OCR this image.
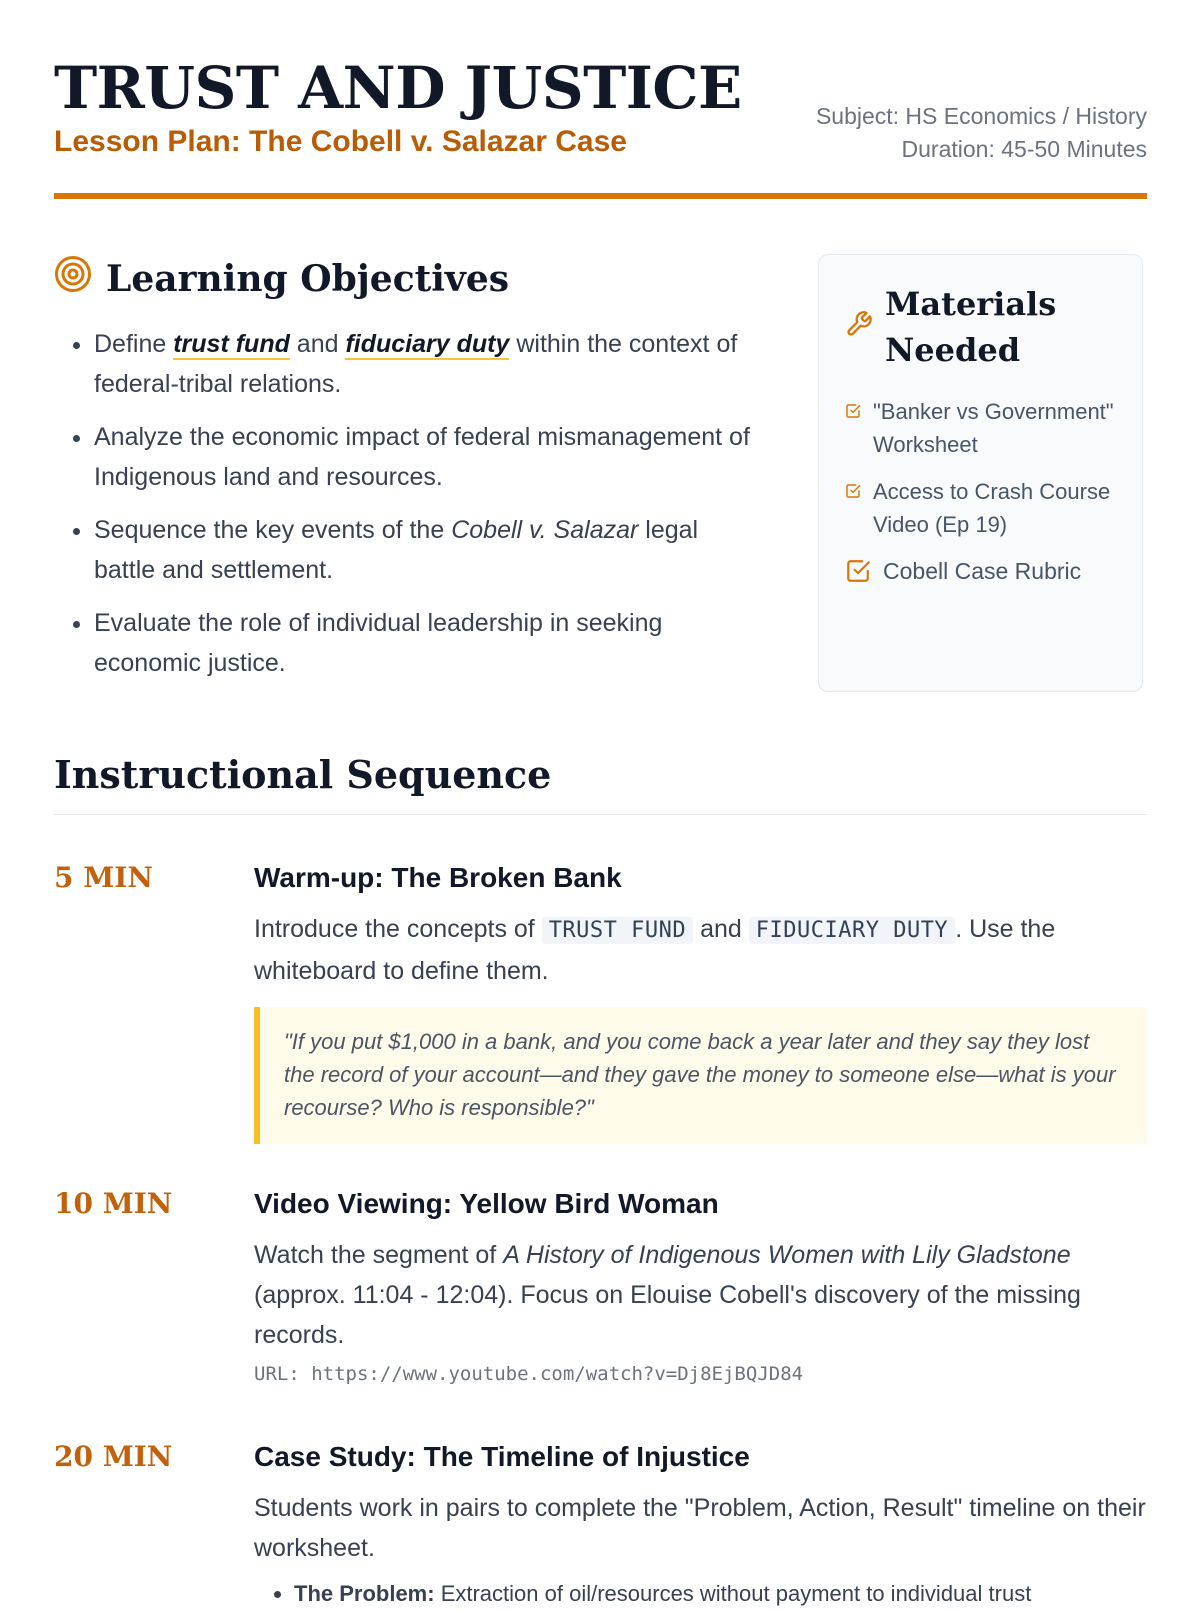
TRUST AND JUSTICE
Lesson Plan: The Cobell v. Salazar Case
Subject: HS Economics / History
Duration: 45-50 Minutes
Learning Objectives
• Define trust fund and fiduciary duty within the context of federal-tribal relations.
• Analyze the economic impact of federal mismanagement of Indigenous land and resources.
• Sequence the key events of the Cobell v. Salazar legal battle and settlement.
• Evaluate the role of individual leadership in seeking economic justice.
Materials Needed
"Banker vs Government" Worksheet
Access to Crash Course Video (Ep 19)
Cobell Case Rubric
Instructional Sequence
5 MIN	Warm-up: The Broken Bank

Introduce the concepts of TRUST FUND and FIDUCIARY DUTY . Use the whiteboard to define them.

"If you put $1,000 in a bank, and you come back a year later and they say they lost the record of your account—and they gave the money to someone else—what is your recourse? Who is responsible?"
10 MIN	Video Viewing: Yellow Bird Woman

Watch the segment of A History of Indigenous Women with Lily Gladstone (approx. 11:04 - 12:04). Focus on Elouise Cobell's discovery of the missing records.

URL: https://www.youtube.com/watch?v=Dj8EjBQJD84
20 MIN	Case Study: The Timeline of Injustice

Students work in pairs to complete the "Problem, Action, Result" timeline on their worksheet.

• The Problem: Extraction of oil/resources without payment to individual trust
